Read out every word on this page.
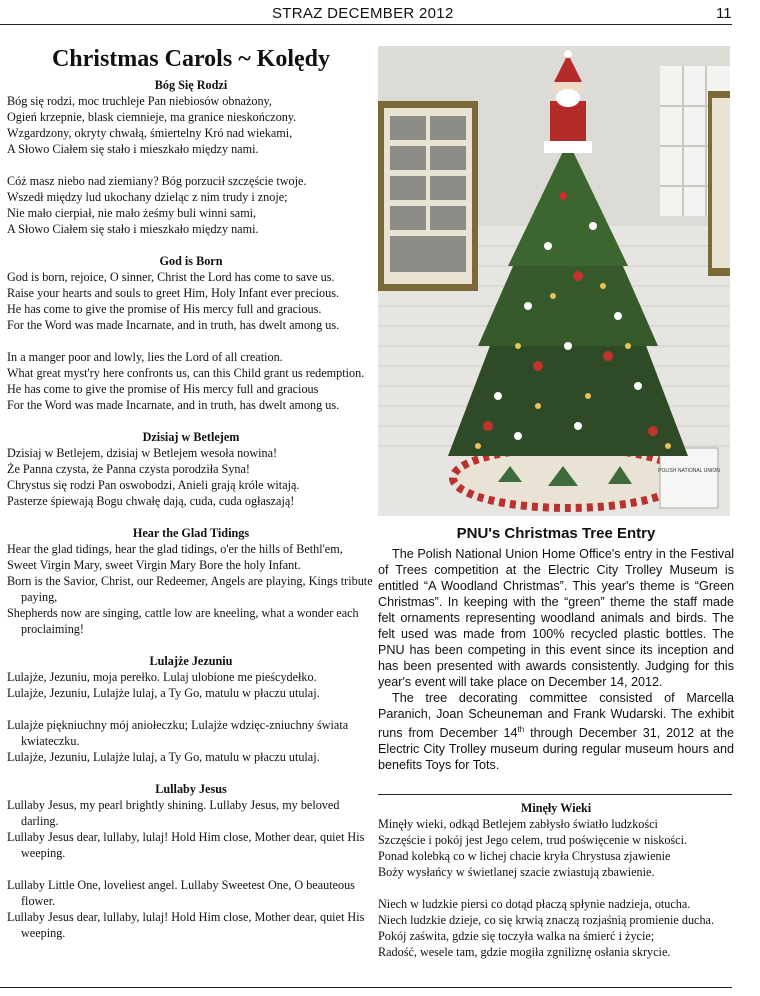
STRAZ DECEMBER 2012	11
Christmas Carols ~ Kolędy

Bóg Się Rodzi

Bóg się rodzi, moc truchleje Pan niebiosów obnażony,

Ogień krzepnie, blask ciemnieje, ma granice nieskończony.

Wzgardzony, okryty chwałą, śmiertelny Kró nad wiekami,

A Słowo Ciałem się stało i mieszkało między nami.

Cóż masz niebo nad ziemiany? Bóg porzucił szczęście twoje.

Wszedł między lud ukochany dzieląc z nim trudy i znoje;

Nie mało cierpiał, nie mało żeśmy buli winni sami,

A Słowo Ciałem się stało i mieszkało między nami.

God is Born

God is born, rejoice, O sinner, Christ the Lord has come to save us.

Raise your hearts and souls to greet Him, Holy Infant ever precious.

He has come to give the promise of His mercy full and gracious.

For the Word was made Incarnate, and in truth, has dwelt among us.

In a manger poor and lowly, lies the Lord of all creation.

What great myst'ry here confronts us, can this Child grant us redemption.

He has come to give the promise of His mercy full and gracious

For the Word was made Incarnate, and in truth, has dwelt among us.

Dzisiaj w Betlejem

Dzisiaj w Betlejem, dzisiaj w Betlejem wesoła nowina!

Że Panna czysta, że Panna czysta porodziła Syna!

Chrystus się rodzi Pan oswobodzi, Anieli grają króle witają.

Pasterze śpiewają Bogu chwałę dają, cuda, cuda ogłaszają!

Hear the Glad Tidings

Hear the glad tidings, hear the glad tidings, o'er the hills of Bethl'em,

Sweet Virgin Mary, sweet Virgin Mary Bore the holy Infant.

Born is the Savior, Christ, our Redeemer, Angels are playing, Kings tribute paying,

Shepherds now are singing, cattle low are kneeling, what a wonder each proclaiming!

Lulajże Jezuniu

Lulajże, Jezuniu, moja perełko. Lulaj ulobione me pieścydełko.

Lulajże, Jezuniu, Lulajże lulaj, a Ty Go, matulu w płaczu utulaj.

Lulajże piękniuchny mój aniołeczku; Lulajże wdzięc-zniuchny świata kwiateczku.

Lulajże, Jezuniu, Lulajże lulaj, a Ty Go, matulu w płaczu utulaj.

Lullaby Jesus

Lullaby Jesus, my pearl brightly shining. Lullaby Jesus, my beloved darling.

Lullaby Jesus dear, lullaby, lulaj! Hold Him close, Mother dear, quiet His weeping.

Lullaby Little One, loveliest angel. Lullaby Sweetest One, O beauteous flower.

Lullaby Jesus dear, lullaby, lulaj! Hold Him close, Mother dear, quiet His weeping.

POLISH NATIONAL UNION

PNU's Christmas Tree Entry

The Polish National Union Home Office's entry in the Festival of Trees competition at the Electric City Trolley Museum is entitled “A Woodland Christmas”. This year's theme is “Green Christmas”. In keeping with the “green” theme the staff made felt ornaments representing woodland animals and birds. The felt used was made from 100% recycled plastic bottles. The PNU has been competing in this event since its inception and has been presented with awards consistently. Judging for this year's event will take place on December 14, 2012.

The tree decorating committee consisted of Marcella Paranich, Joan Scheuneman and Frank Wudarski. The exhibit runs from December 14th through December 31, 2012 at the Electric City Trolley museum during regular museum hours and benefits Toys for Tots.

Minęły Wieki

Minęły wieki, odkąd Betlejem zabłysło światło ludzkości

Szczęście i pokój jest Jego celem, trud poświęcenie w niskości.

Ponad kolebką co w lichej chacie kryła Chrystusa zjawienie

Boży wysłańcy w świetlanej szacie zwiastują zbawienie.

Niech w ludzkie piersi co dotąd płaczą spłynie nadzieja, otucha.

Niech ludzkie dzieje, co się krwią znaczą rozjaśnią promienie ducha.

Pokój zaświta, gdzie się toczyła walka na śmierć i życie;

Radość, wesele tam, gdzie mogiła zgniliznę osłania skrycie.
